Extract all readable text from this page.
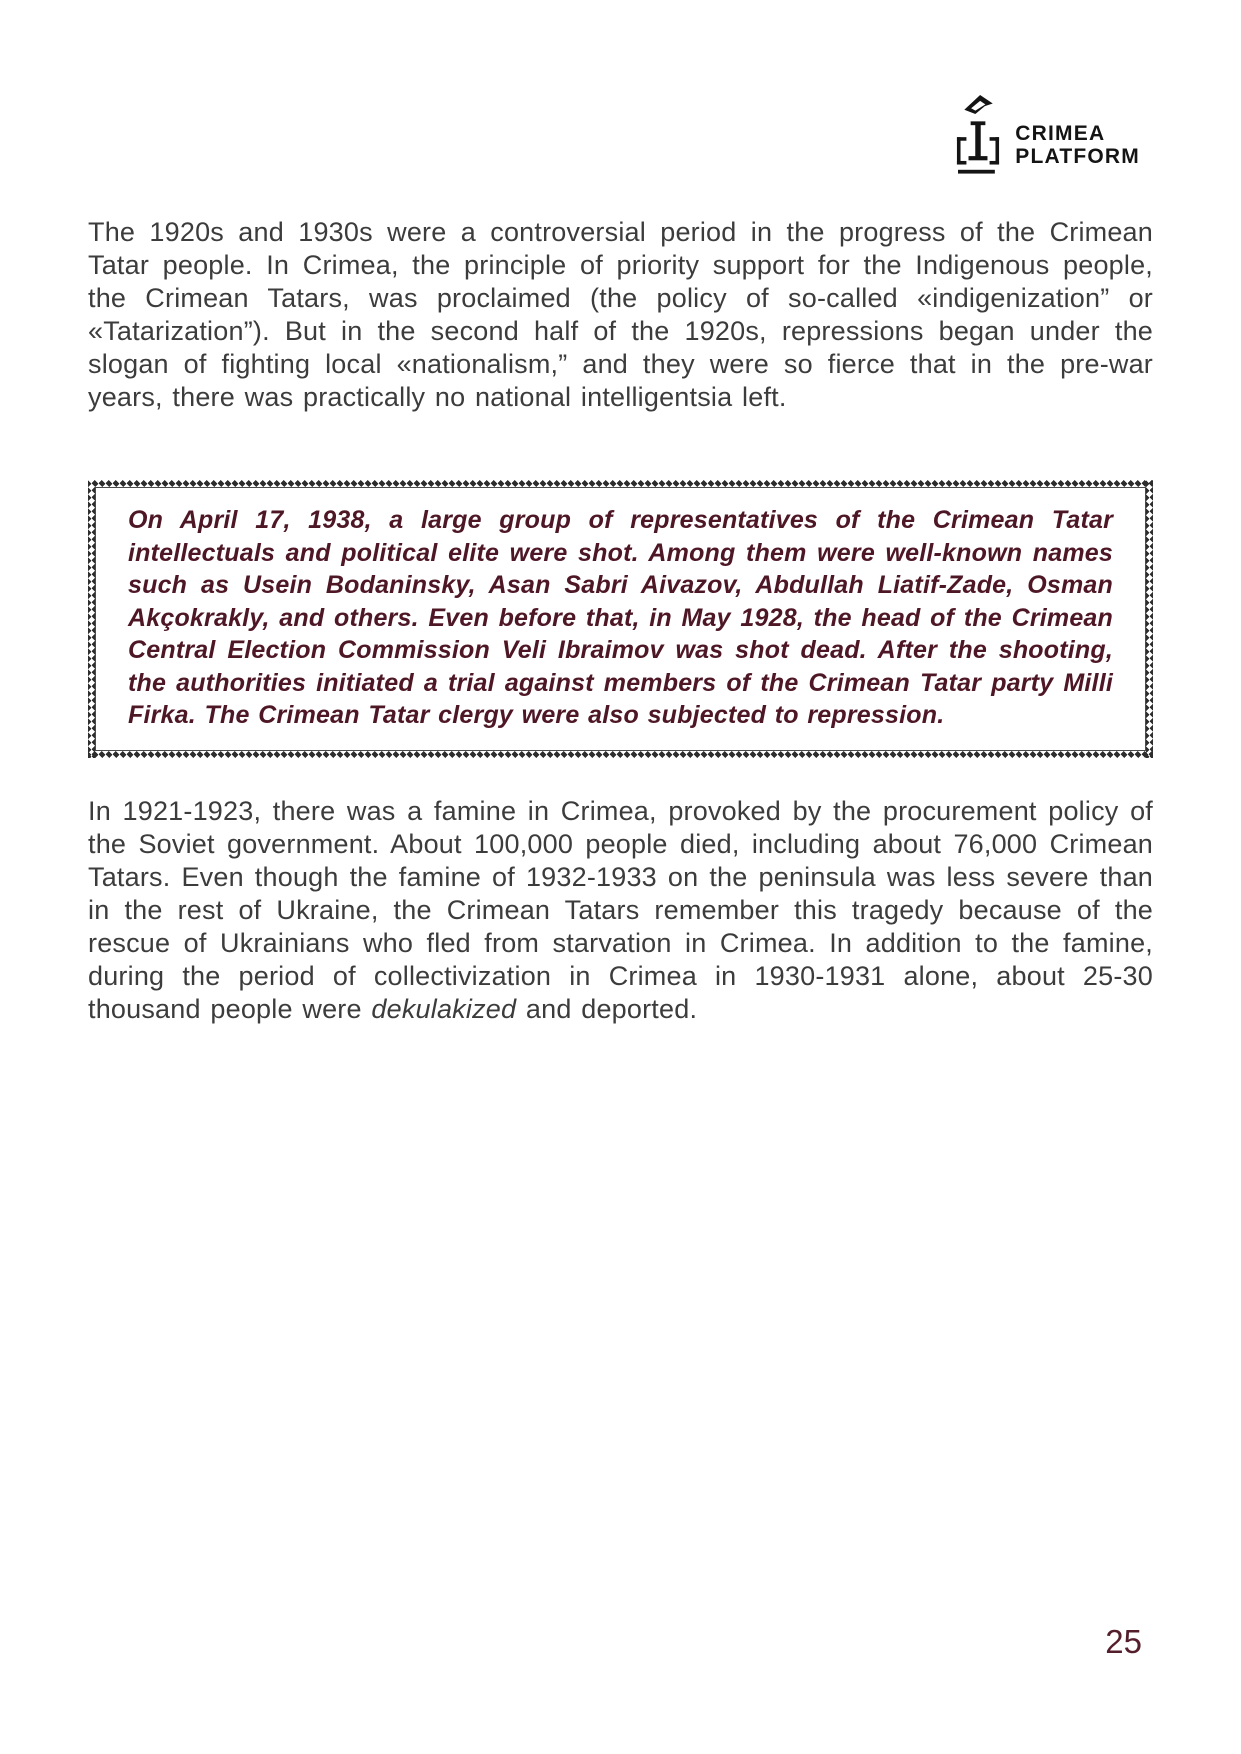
CRIMEA
PLATFORM

The 1920s and 1930s were a controversial period in the progress of the Crimean Tatar people. In Crimea, the principle of priority support for the Indigenous people, the Crimean Tatars, was proclaimed (the policy of so-called «indigenization” or «Tatarization”). But in the second half of the 1920s, repressions began under the slogan of fighting local «nationalism,” and they were so fierce that in the pre-war years, there was practically no national intelligentsia left.

On April 17, 1938, a large group of representatives of the Crimean Tatar intellectuals and political elite were shot. Among them were well-known names such as Usein Bodaninsky, Asan Sabri Aivazov, Abdullah Liatif-Zade, Osman Akçokrakly, and others. Even before that, in May 1928, the head of the Crimean Central Election Commission Veli Ibraimov was shot dead. After the shooting, the authorities initiated a trial against members of the Crimean Tatar party Milli Firka. The Crimean Tatar clergy were also subjected to repression.

In 1921-1923, there was a famine in Crimea, provoked by the procurement policy of the Soviet government. About 100,000 people died, including about 76,000 Crimean Tatars. Even though the famine of 1932-1933 on the peninsula was less severe than in the rest of Ukraine, the Crimean Tatars remember this tragedy because of the rescue of Ukrainians who fled from starvation in Crimea. In addition to the famine, during the period of collectivization in Crimea in 1930-1931 alone, about 25-30 thousand people were dekulakized and deported.

25
